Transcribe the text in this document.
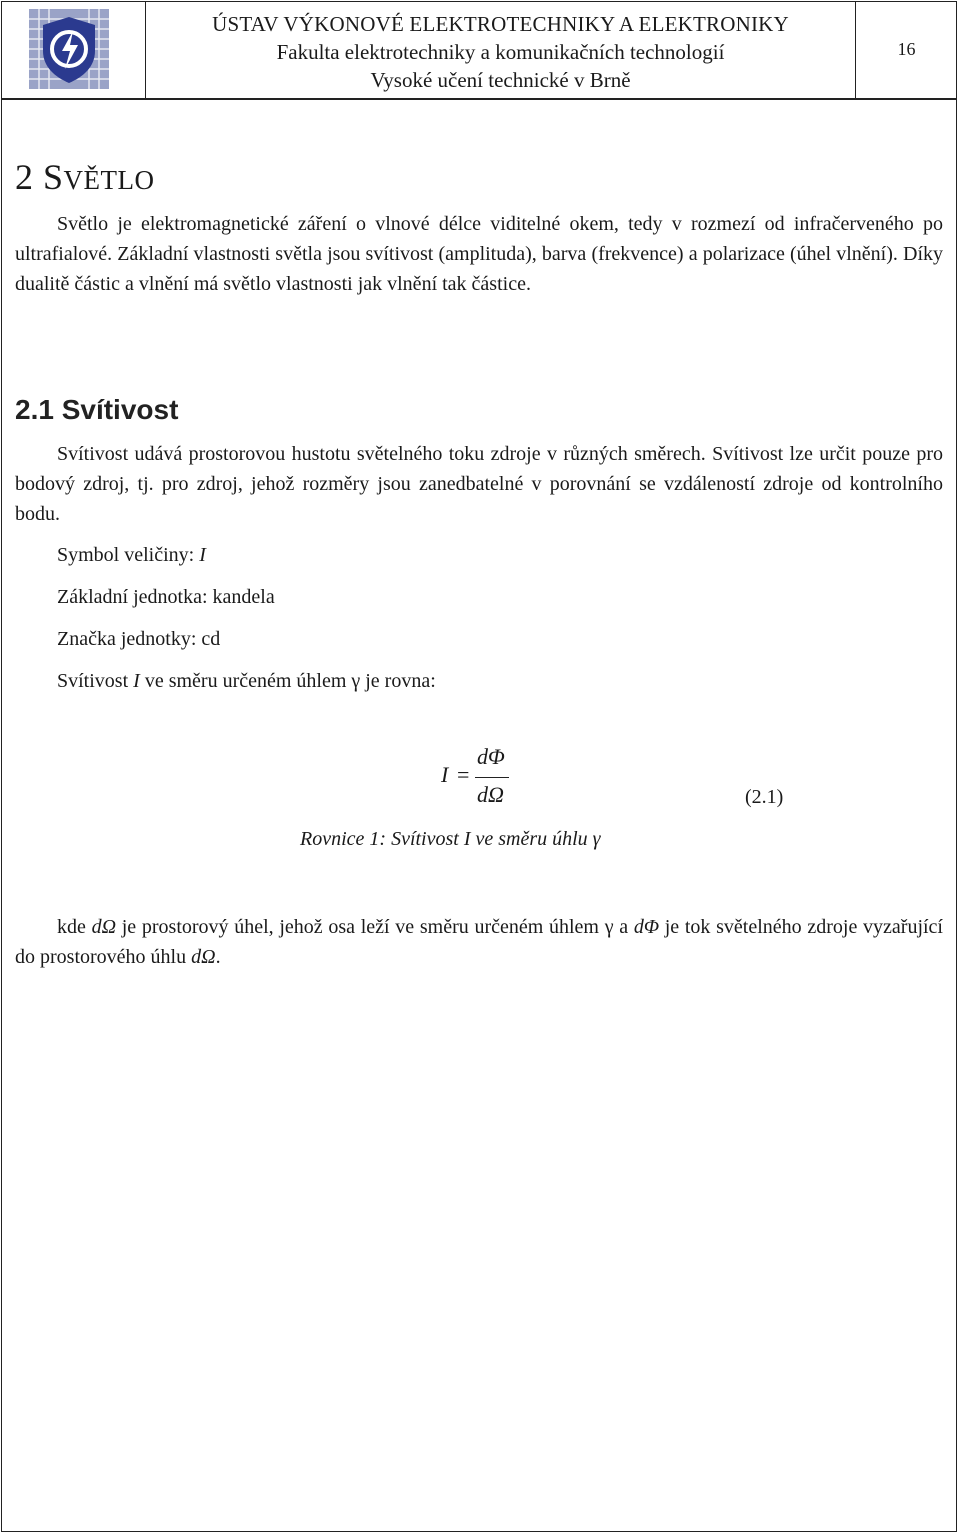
ÚSTAV VÝKONOVÉ ELEKTROTECHNIKY A ELEKTRONIKY
Fakulta elektrotechniky a komunikačních technologií
Vysoké učení technické v Brně
16
2 SVĚTLO

Světlo je elektromagnetické záření o vlnové délce viditelné okem, tedy v rozmezí od infračerveného po ultrafialové. Základní vlastnosti světla jsou svítivost (amplituda), barva (frekvence) a polarizace (úhel vlnění). Díky dualitě částic a vlnění má světlo vlastnosti jak vlnění tak částice.

2.1 Svítivost

Svítivost udává prostorovou hustotu světelného toku zdroje v různých směrech. Svítivost lze určit pouze pro bodový zdroj, tj. pro zdroj, jehož rozměry jsou zanedbatelné v porovnání se vzdáleností zdroje od kontrolního bodu.

Symbol veličiny: I
Základní jednotka: kandela
Značka jednotky: cd
Svítivost I ve směru určeném úhlem γ je rovna:
I =
dΦ
dΩ	(2.1)
Rovnice 1: Svítivost I ve směru úhlu γ

kde dΩ je prostorový úhel, jehož osa leží ve směru určeném úhlem γ a dΦ je tok světelného zdroje vyzařující do prostorového úhlu dΩ.
